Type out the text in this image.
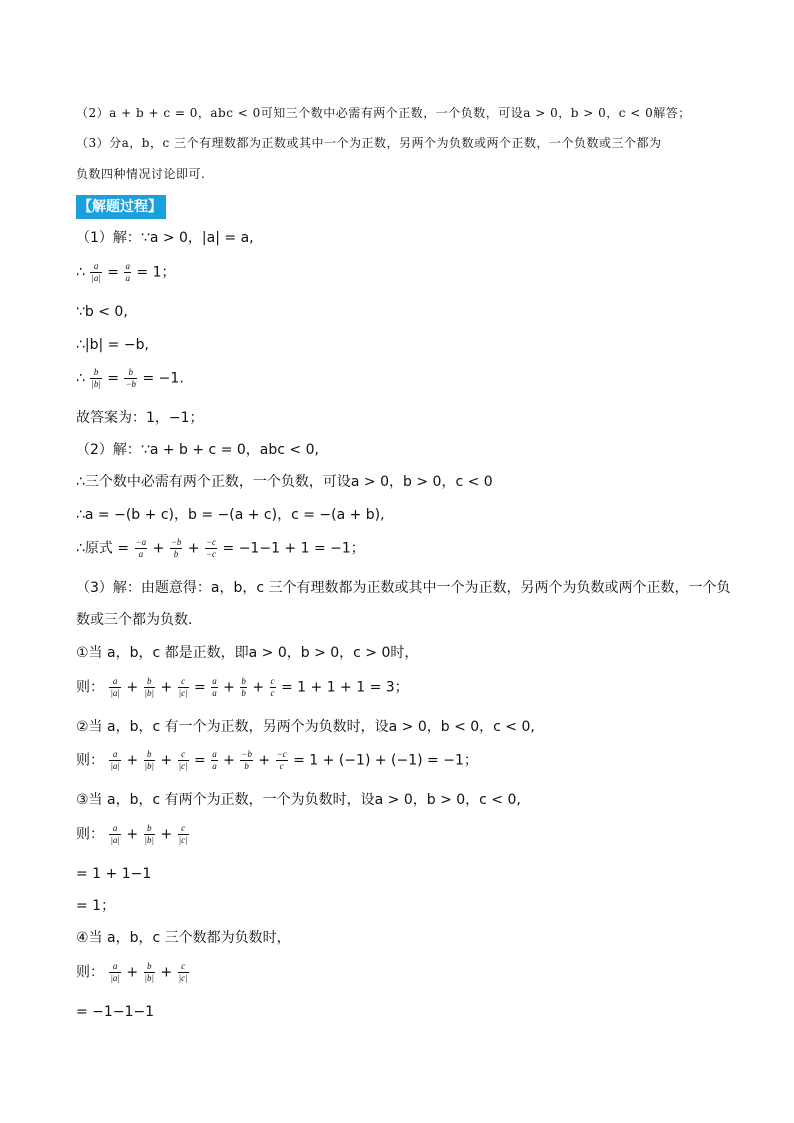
（2）a + b + c = 0，abc < 0可知三个数中必需有两个正数，一个负数，可设a > 0，b > 0，c < 0解答；
（3）分a，b，c 三个有理数都为正数或其中一个为正数，另两个为负数或两个正数，一个负数或三个都为
负数四种情况讨论即可.
【解题过程】
（1）解：∵a > 0，|a| = a,
∴ $\frac{a}{|a|} = \frac{a}{a} = 1$；
∵b < 0,
∴|b| = −b,
∴ $\frac{b}{|b|} = \frac{b}{-b} = -1$.
故答案为：1，−1；
（2）解：∵a + b + c = 0，abc < 0,
∴三个数中必需有两个正数，一个负数，可设a > 0，b > 0，c < 0
∴a = −(b + c)，b = −(a + c)，c = −(a + b),
∴原式 = $\frac{-a}{a} + \frac{-b}{b} + \frac{-c}{-c} = -1-1 + 1 = -1$；
（3）解：由题意得：a，b，c 三个有理数都为正数或其中一个为正数，另两个为负数或两个正数，一个负
数或三个都为负数.
①当 a，b，c 都是正数，即a > 0，b > 0，c > 0时，
则： $\frac{a}{|a|} + \frac{b}{|b|} + \frac{c}{|c|} = \frac{a}{a} + \frac{b}{b} + \frac{c}{c} = 1 + 1 + 1 = 3$；
②当 a，b，c 有一个为正数，另两个为负数时，设a > 0，b < 0，c < 0,
则： $\frac{a}{|a|} + \frac{b}{|b|} + \frac{c}{|c|} = \frac{a}{a} + \frac{-b}{b} + \frac{-c}{c} = 1 + (-1) + (-1) = -1$；
③当 a，b，c 有两个为正数，一个为负数时，设a > 0，b > 0，c < 0,
则： $\frac{a}{|a|} + \frac{b}{|b|} + \frac{c}{|c|}$
= 1 + 1−1
= 1；
④当 a，b，c 三个数都为负数时，
则： $\frac{a}{|a|} + \frac{b}{|b|} + \frac{c}{|c|}$
= −1−1−1
